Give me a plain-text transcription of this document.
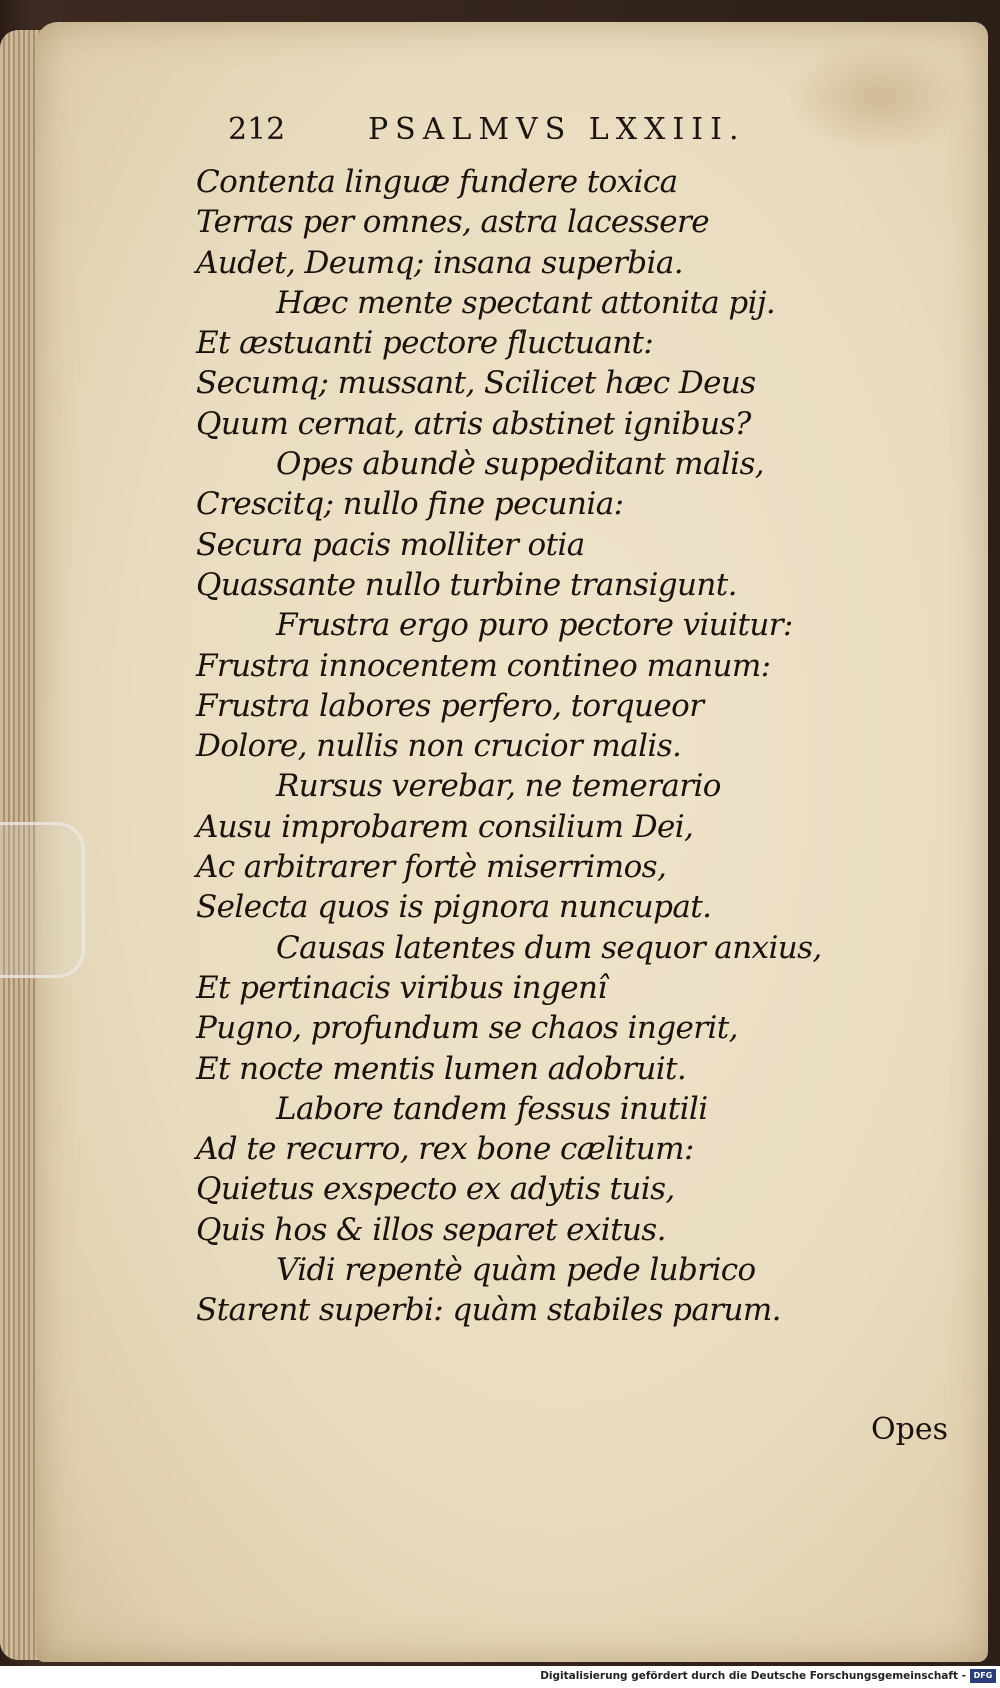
212	PSALMVS LXXIII.
Contenta linguæ fundere toxica
Terras per omnes, astra lacessere
Audet, Deumq; insana superbia.
Hæc mente spectant attonita pij.
Et æstuanti pectore fluctuant:
Secumq; mussant, Scilicet hæc Deus
Quum cernat, atris abstinet ignibus?
Opes abundè suppeditant malis,
Crescitq; nullo fine pecunia:
Secura pacis molliter otia
Quassante nullo turbine transigunt.
Frustra ergo puro pectore viuitur:
Frustra innocentem contineo manum:
Frustra labores perfero, torqueor
Dolore, nullis non crucior malis.
Rursus verebar, ne temerario
Ausu improbarem consilium Dei,
Ac arbitrarer fortè miserrimos,
Selecta quos is pignora nuncupat.
Causas latentes dum sequor anxius,
Et pertinacis viribus ingenî
Pugno, profundum se chaos ingerit,
Et nocte mentis lumen adobruit.
Labore tandem fessus inutili
Ad te recurro, rex bone cælitum:
Quietus exspecto ex adytis tuis,
Quis hos & illos separet exitus.
Vidi repentè quàm pede lubrico
Starent superbi: quàm stabiles parum.
Opes
Digitalisierung gefördert durch die Deutsche Forschungsgemeinschaft - DFG
